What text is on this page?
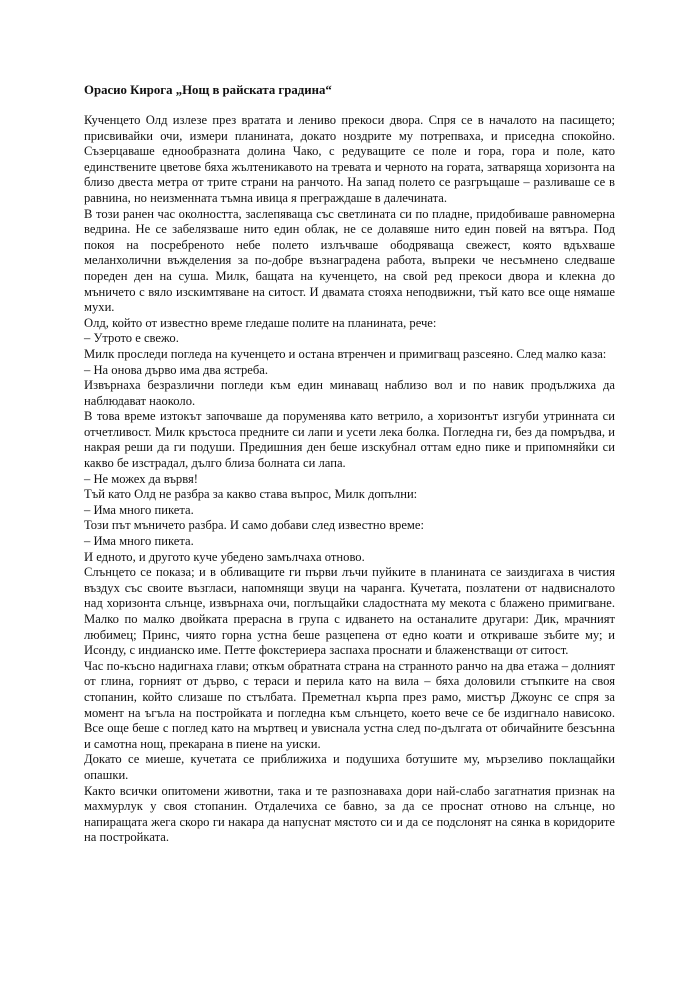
Орасио Кирога „Нощ в райската градина“

Кученцето Олд излезе през вратата и лениво прекоси двора. Спря се в началото на пасището; присвивайки очи, измери планината, докато ноздрите му потрепваха, и приседна спокойно. Съзерцаваше еднообразната долина Чако, с редуващите се поле и гора, гора и поле, като единствените цветове бяха жълтеникавото на тревата и черното на гората, затваряща хоризонта на близо двеста метра от трите страни на ранчото. На запад полето се разгръщаше – разливаше се в равнина, но неизменната тъмна ивица я преграждаше в далечината.

В този ранен час околността, заслепяваща със светлината си по пладне, придобиваше равномерна ведрина. Не се забелязваше нито един облак, не се долавяше нито един повей на вятъра. Под покоя на посребреното небе полето излъчваше ободряваща свежест, която вдъхваше меланхолични въжделения за по-добре възнаградена работа, въпреки че несъмнено следваше пореден ден на суша. Милк, бащата на кученцето, на свой ред прекоси двора и клекна до мъничето с вяло изскимтяване на ситост. И двамата стояха неподвижни, тъй като все още нямаше мухи.

Олд, който от известно време гледаше полите на планината, рече:

– Утрото е свежо.

Милк проследи погледа на кученцето и остана втренчен и примигващ разсеяно. След малко каза:

– На онова дърво има два ястреба.

Извърнаха безразлични погледи към един минаващ наблизо вол и по навик продължиха да наблюдават наоколо.

В това време изтокът започваше да поруменява като ветрило, а хоризонтът изгуби утринната си отчетливост. Милк кръстоса предните си лапи и усети лека болка. Погледна ги, без да помръдва, и накрая реши да ги подуши. Предишния ден беше изскубнал оттам едно пике и припомняйки си какво бе изстрадал, дълго близа болната си лапа.

– Не можех да вървя!

Тъй като Олд не разбра за какво става въпрос, Милк допълни:

– Има много пикета.

Този път мъничето разбра. И само добави след известно време:

– Има много пикета.

И едното, и другото куче убедено замълчаха отново.

Слънцето се показа; и в обливащите ги първи лъчи пуйките в планината се заиздигаха в чистия въздух със своите възгласи, напомнящи звуци на чаранга. Кучетата, позлатени от надвисналото над хоризонта слънце, извърнаха очи, поглъщайки сладостната му мекота с блажено примигване. Малко по малко двойката прерасна в група с идването на останалите другари: Дик, мрачният любимец; Принс, чиято горна устна беше разцепена от едно коати и откриваше зъбите му; и Исонду, с индианско име. Петте фокстериера заспаха проснати и блаженстващи от ситост.

Час по-късно надигнаха глави; откъм обратната страна на странното ранчо на два етажа – долният от глина, горният от дърво, с тераси и перила като на вила – бяха доловили стъпките на своя стопанин, който слизаше по стълбата. Преметнал кърпа през рамо, мистър Джоунс се спря за момент на ъгъла на постройката и погледна към слънцето, което вече се бе издигнало нависоко. Все още беше с поглед като на мъртвец и увиснала устна след по-дългата от обичайните безсънна и самотна нощ, прекарана в пиене на уиски.

Докато се миеше, кучетата се приближиха и подушиха ботушите му, мързеливо поклащайки опашки.

Както всички опитомени животни, така и те разпознаваха дори най-слабо загатнатия признак на махмурлук у своя стопанин. Отдалечиха се бавно, за да се проснат отново на слънце, но напиращата жега скоро ги накара да напуснат мястото си и да се подслонят на сянка в коридорите на постройката.
